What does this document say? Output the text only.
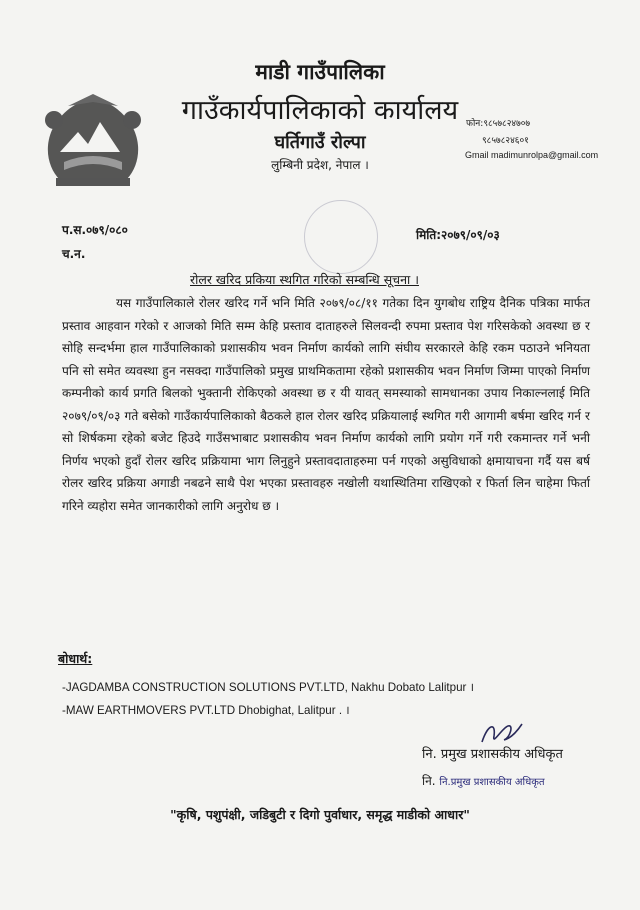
माडी गाउँपालिका
गाउँकार्यपालिकाको कार्यालय
घर्तिगाउँ रोल्पा
लुम्बिनी प्रदेश, नेपाल ।
फोन:९८५७८२४७०७
९८५७८२४६०१
Gmail madimunrolpa@gmail.com
प.स.०७९/०८०
च.न.
मिति:२०७९/०९/०३
रोलर खरिद प्रकिया स्थगित गरिको सम्बन्धि सूचना ।
यस गाउँपालिकाले रोलर खरिद गर्ने भनि मिति २०७९/०८/११ गतेका दिन युगबोध राष्ट्रिय दैनिक पत्रिका मार्फत प्रस्ताव आहवान गरेको र आजको मिति सम्म केहि प्रस्ताव दाताहरुले सिलवन्दी रुपमा प्रस्ताव पेश गरिसकेको अवस्था छ र सोहि सन्दर्भमा हाल गाउँपालिकाको प्रशासकीय भवन निर्माण कार्यको लागि संघीय सरकारले केहि रकम पठाउने भनियता पनि सो समेत व्यवस्था हुन नसक्दा गाउँपालिको प्रमुख प्राथमिकतामा रहेको प्रशासकीय भवन निर्माण जिम्मा पाएको निर्माण कम्पनीको कार्य प्रगति बिलको भुक्तानी रोकिएको अवस्था छ र यी यावत् समस्याको सामधानका उपाय निकाल्नलाई मिति २०७९/०९/०३ गते बसेको गाउँकार्यपालिकाको बैठकले हाल रोलर खरिद प्रक्रियालाई स्थगित गरी आगामी बर्षमा खरिद गर्न र सो शिर्षकमा रहेको बजेट हिउदे गाउँसभाबाट प्रशासकीय भवन निर्माण कार्यको लागि प्रयोग गर्ने गरी रकमान्तर गर्ने भनी निर्णय भएको हुदाँ रोलर खरिद प्रक्रियामा भाग लिनुहुने प्रस्तावदाताहरुमा पर्न गएको असुविधाको क्षमायाचना गर्दै यस बर्ष रोलर खरिद प्रक्रिया अगाडी नबढने साथै पेश भएका प्रस्तावहरु नखोली यथास्थितिमा राखिएको र फिर्ता लिन चाहेमा फिर्ता गरिने व्यहोरा समेत जानकारीको लागि अनुरोध छ ।
बोधार्थ:
-JAGDAMBA CONSTRUCTION SOLUTIONS PVT.LTD, Nakhu Dobato Lalitpur ।
-MAW EARTHMOVERS PVT.LTD Dhobighat, Lalitpur . ।
नि. प्रमुख प्रशासकीय अधिकृत
नि. नि.प्रमुख प्रशासकीय अधिकृत
"कृषि, पशुपंक्षी, जडिबुटी र दिगो पुर्वाधार, समृद्ध माडीको आधार"
